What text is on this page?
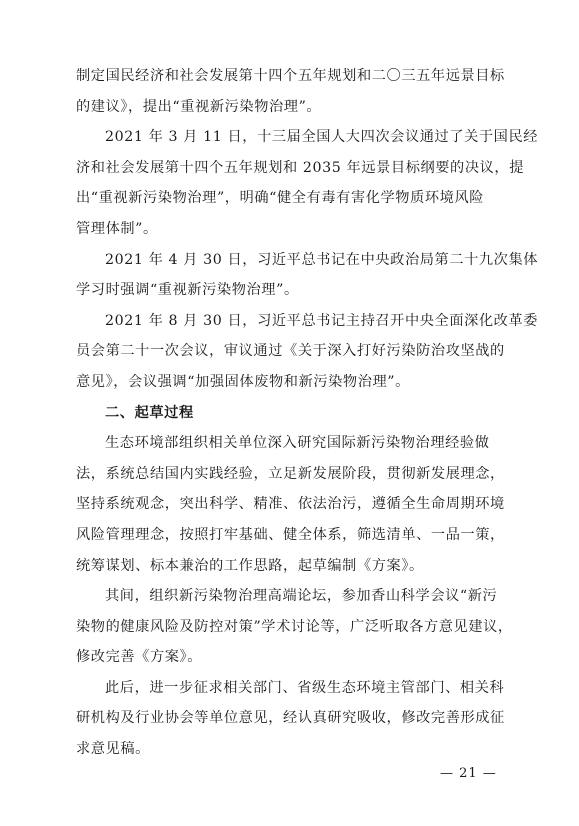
制定国民经济和社会发展第十四个五年规划和二〇三五年远景目标
的建议》，提出“重视新污染物治理”。
2021 年 3 月 11 日，十三届全国人大四次会议通过了关于国民经
济和社会发展第十四个五年规划和 2035 年远景目标纲要的决议，提
出“重视新污染物治理”，明确“健全有毒有害化学物质环境风险
管理体制”。
2021 年 4 月 30 日，习近平总书记在中央政治局第二十九次集体
学习时强调“重视新污染物治理”。
2021 年 8 月 30 日，习近平总书记主持召开中央全面深化改革委
员会第二十一次会议，审议通过《关于深入打好污染防治攻坚战的
意见》，会议强调“加强固体废物和新污染物治理”。
二、起草过程
生态环境部组织相关单位深入研究国际新污染物治理经验做
法，系统总结国内实践经验，立足新发展阶段，贯彻新发展理念，
坚持系统观念，突出科学、精准、依法治污，遵循全生命周期环境
风险管理理念，按照打牢基础、健全体系，筛选清单、一品一策，
统筹谋划、标本兼治的工作思路，起草编制《方案》。
其间，组织新污染物治理高端论坛，参加香山科学会议“新污
染物的健康风险及防控对策”学术讨论等，广泛听取各方意见建议，
修改完善《方案》。
此后，进一步征求相关部门、省级生态环境主管部门、相关科
研机构及行业协会等单位意见，经认真研究吸收，修改完善形成征
求意见稿。
— 21 —
